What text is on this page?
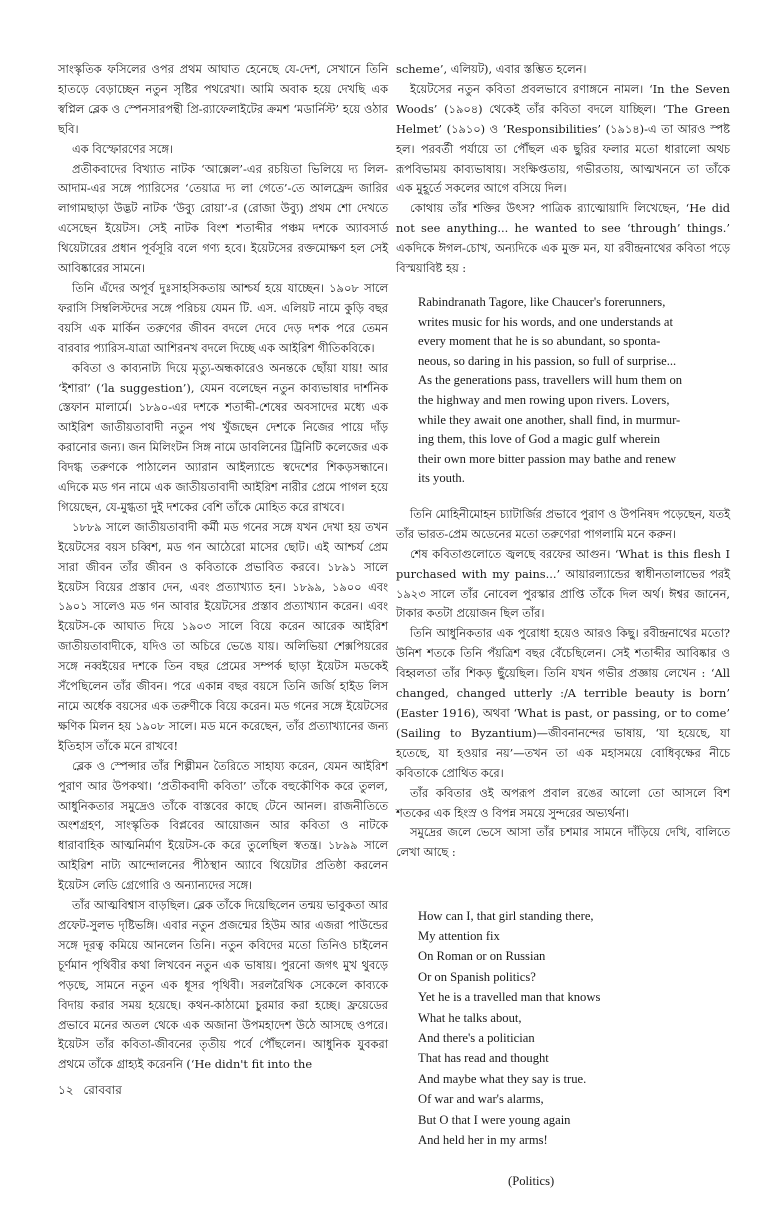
সাংস্কৃতিক ফসিলের ওপর প্রথম আঘাত হেনেছে যে-দেশ, সেখানে তিনি হাতড়ে বেড়াচ্ছেন নতুন সৃষ্টির পথরেখা। আমি অবাক হয়ে দেখছি এক স্বপ্নিল ব্লেক ও স্পেনসারপন্থী প্রি-র‍্যাফেলাইটের ক্রমশ ‘মডার্নিস্ট’ হয়ে ওঠার ছবি।

এক বিস্ফোরণের সঙ্গে।

প্রতীকবাদের বিখ্যাত নাটক ‘আক্সেল’-এর রচয়িতা ভিলিয়ে দ্য লিল-আদাম-এর সঙ্গে প্যারিসের ‘তেয়াত্র দ্য লা গেতে’-তে আলফ্রেদ জারির লাগামছাড়া উদ্ভট নাটক ‘উব্যু রোয়া’-র (রোজা উব্যু) প্রথম শো দেখতে এসেছেন ইয়েটস। সেই নাটক বিংশ শতাব্দীর পঞ্চম দশকে অ্যাবসার্ড থিয়েটারের প্রধান পূর্বসূরি বলে গণ্য হবে। ইয়েটসের রক্তমোক্ষণ হল সেই আবিষ্কারের সামনে।

তিনি এঁদের অপূর্ব দুঃসাহসিকতায় আশ্চর্য হয়ে যাচ্ছেন। ১৯০৮ সালে ফরাসি সিম্বলিস্টদের সঙ্গে পরিচয় যেমন টি. এস. এলিয়ট নামে কুড়ি বছর বয়সি এক মার্কিন তরুণের জীবন বদলে দেবে দেড় দশক পরে তেমন বারবার প্যারিস-যাত্রা আশিরনখ বদলে দিচ্ছে এক আইরিশ গীতিকবিকে।

কবিতা ও কাব্যনাট্য দিয়ে মৃত্যু-অন্ধকারেও অনন্তকে ছোঁয়া যায়! আর ‘ইশারা’ (‘la suggestion’), যেমন বলেছেন নতুন কাব্যভাষার দার্শনিক স্তেফান মালার্মে। ১৮৯০-এর দশকে শতাব্দী-শেষের অবসাদের মধ্যে এক আইরিশ জাতীয়তাবাদী নতুন পথ খুঁজছেন দেশকে নিজের পায়ে দাঁড় করানোর জন্য। জন মিলিংটন সিঙ্গ নামে ডাবলিনের ট্রিনিটি কলেজের এক বিদগ্ধ তরুণকে পাঠালেন অ্যারান আইল্যান্ডে স্বদেশের শিকড়সন্ধানে। এদিকে মড গন নামে এক জাতীয়তাবাদী আইরিশ নারীর প্রেমে পাগল হয়ে গিয়েছেন, যে-মুগ্ধতা দুই দশকের বেশি তাঁকে মোহিত করে রাখবে।

১৮৮৯ সালে জাতীয়তাবাদী কর্মী মড গনের সঙ্গে যখন দেখা হয় তখন ইয়েটসের বয়স চব্বিশ, মড গন আঠেরো মাসের ছোট। এই আশ্চর্য প্রেম সারা জীবন তাঁর জীবন ও কবিতাকে প্রভাবিত করবে। ১৮৯১ সালে ইয়েটস বিয়ের প্রস্তাব দেন, এবং প্রত্যাখ্যাত হন। ১৮৯৯, ১৯০০ এবং ১৯০১ সালেও মড গন আবার ইয়েটসের প্রস্তাব প্রত্যাখ্যান করেন। এবং ইয়েটস-কে আঘাত দিয়ে ১৯০৩ সালে বিয়ে করেন আরেক আইরিশ জাতীয়তাবাদীকে, যদিও তা অচিরে ভেঙে যায়। অলিভিয়া শেক্সপিয়রের সঙ্গে নব্বইয়ের দশকে তিন বছর প্রেমের সম্পর্ক ছাড়া ইয়েটস মডকেই সঁপেছিলেন তাঁর জীবন। পরে একান্ন বছর বয়সে তিনি জর্জি হাইড লিস নামে অর্ধেক বয়সের এক তরুণীকে বিয়ে করেন। মড গনের সঙ্গে ইয়েটসের ক্ষণিক মিলন হয় ১৯০৮ সালে। মড মনে করেছেন, তাঁর প্রত্যাখ্যানের জন্য ইতিহাস তাঁকে মনে রাখবে!

ব্লেক ও স্পেন্সার তাঁর শিল্পীমন তৈরিতে সাহায্য করেন, যেমন আইরিশ পুরাণ আর উপকথা। ‘প্রতীকবাদী কবিতা’ তাঁকে বহুকৌণিক করে তুলল, আধুনিকতার সমুদ্রেও তাঁকে বাস্তবের কাছে টেনে আনল। রাজনীতিতে অংশগ্রহণ, সাংস্কৃতিক বিপ্লবের আয়োজন আর কবিতা ও নাটকে ধারাবাহিক আত্মনির্মাণ ইয়েটস-কে করে তুলেছিল স্বতন্ত্র। ১৮৯৯ সালে আইরিশ নাট্য আন্দোলনের পীঠস্থান অ্যাবে থিয়েটার প্রতিষ্ঠা করলেন ইয়েটস লেডি গ্রেগোরি ও অন্যান্যদের সঙ্গে।

তাঁর আত্মবিশ্বাস বাড়ছিল। ব্লেক তাঁকে দিয়েছিলেন তন্ময় ভাবুকতা আর প্রফেট-সুলভ দৃষ্টিভঙ্গি। এবার নতুন প্রজন্মের হিউম আর এজরা পাউন্ডের সঙ্গে দূরত্ব কমিয়ে আনলেন তিনি। নতুন কবিদের মতো তিনিও চাইলেন চূর্ণমান পৃথিবীর কথা লিখবেন নতুন এক ভাষায়। পুরনো জগৎ মুখ থুবড়ে পড়ছে, সামনে নতুন এক ধূসর পৃথিবী। সরলরৈখিক সেকেলে কাব্যকে বিদায় করার সময় হয়েছে। কথন-কাঠামো চুরমার করা হচ্ছে। ফ্রয়েডের প্রভাবে মনের অতল থেকে এক অজানা উপমহাদেশ উঠে আসছে ওপরে। ইয়েটস তাঁর কবিতা-জীবনের তৃতীয় পর্বে পৌঁছলেন। আধুনিক যুবকরা প্রথমে তাঁকে গ্রাহ্যই করেননি (‘He didn't fit into the

scheme’, এলিয়ট), এবার স্তম্ভিত হলেন।

ইয়েটসের নতুন কবিতা প্রবলভাবে রণাঙ্গনে নামল। ‘In the Seven Woods’ (১৯০৪) থেকেই তাঁর কবিতা বদলে যাচ্ছিল। ‘The Green Helmet’ (১৯১০) ও ‘Responsibilities’ (১৯১৪)-এ তা আরও স্পষ্ট হল। পরবর্তী পর্যায়ে তা পৌঁছল এক ছুরির ফলার মতো ধারালো অথচ রূপবিভাময় কাব্যভাষায়। সংক্ষিপ্ততায়, গভীরতায়, আত্মখননে তা তাঁকে এক মুহূর্তে সকলের আগে বসিয়ে দিল।

কোথায় তাঁর শক্তির উৎস? পাত্রিক র‍্যাত্মোয়াদি লিখেছেন, ‘He did not see anything... he wanted to see ‘through’ things.’ একদিকে ঈগল-চোখ, অন্যদিকে এক মুক্ত মন, যা রবীন্দ্রনাথের কবিতা পড়ে বিস্ময়াবিষ্ট হয় :

Rabindranath Tagore, like Chaucer's forerunners,
writes music for his words, and one understands at
every moment that he is so abundant, so sponta-
neous, so daring in his passion, so full of surprise...
As the generations pass, travellers will hum them on
the highway and men rowing upon rivers. Lovers,
while they await one another, shall find, in murmur-
ing them, this love of God a magic gulf wherein
their own more bitter passion may bathe and renew
its youth.

তিনি মোহিনীমোহন চ্যাটার্জির প্রভাবে পুরাণ ও উপনিষদ পড়েছেন, যতই তাঁর ভারত-প্রেম অডেনের মতো তরুণেরা পাগলামি মনে করুন।

শেষ কবিতাগুলোতে জ্বলছে বরফের আগুন। ‘What is this flesh I purchased with my pains...’ আয়ারল্যান্ডের স্বাধীনতালাভের পরই ১৯২৩ সালে তাঁর নোবেল পুরস্কার প্রাপ্তি তাঁকে দিল অর্থ। ঈশ্বর জানেন, টাকার কতটা প্রয়োজন ছিল তাঁর।

তিনি আধুনিকতার এক পুরোধা হয়েও আরও কিছু। রবীন্দ্রনাথের মতো? উনিশ শতকে তিনি পঁয়ত্রিশ বছর বেঁচেছিলেন। সেই শতাব্দীর আবিষ্কার ও বিহ্বলতা তাঁর শিকড় ছুঁয়েছিল। তিনি যখন গভীর প্রজ্ঞায় লেখেন : ‘All changed, changed utterly :/A terrible beauty is born’ (Easter 1916), অথবা ‘What is past, or passing, or to come’ (Sailing to Byzantium)—জীবনানন্দের ভাষায়, ‘যা হয়েছে, যা হতেছে, যা হওয়ার নয়’—তখন তা এক মহাসময়ে বোধিবৃক্ষের নীচে কবিতাকে প্রোথিত করে।

তাঁর কবিতার ওই অপরূপ প্রবাল রঙের আলো তো আসলে বিশ শতকের এক হিংস্র ও বিপন্ন সময়ে সুন্দরের অভ্যর্থনা।

সমুদ্রের জলে ভেসে আসা তাঁর চশমার সামনে দাঁড়িয়ে দেখি, বালিতে লেখা আছে :

How can I, that girl standing there,
My attention fix
On Roman or on Russian
Or on Spanish politics?
Yet he is a travelled man that knows
What he talks about,
And there's a politician
That has read and thought
And maybe what they say is true.
Of war and war's alarms,
But O that I were young again
And held her in my arms!

(Politics)

১২ রোববার
